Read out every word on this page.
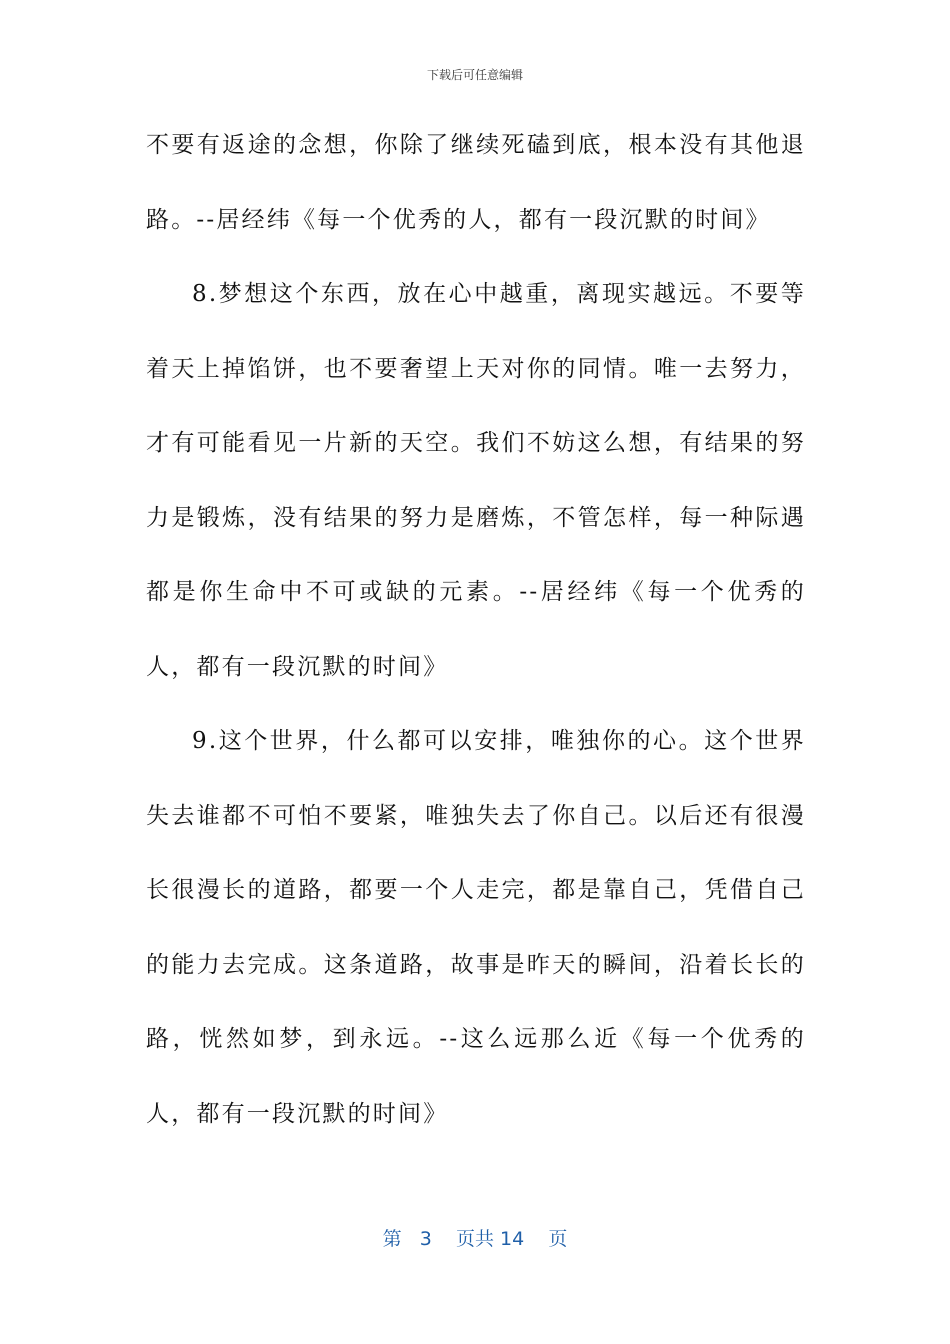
下载后可任意编辑

不要有返途的念想，你除了继续死磕到底，根本没有其他退路。--居经纬《每一个优秀的人，都有一段沉默的时间》

8.梦想这个东西，放在心中越重，离现实越远。不要等着天上掉馅饼，也不要奢望上天对你的同情。唯一去努力，才有可能看见一片新的天空。我们不妨这么想，有结果的努力是锻炼，没有结果的努力是磨炼，不管怎样，每一种际遇都是你生命中不可或缺的元素。--居经纬《每一个优秀的人，都有一段沉默的时间》

9.这个世界，什么都可以安排，唯独你的心。这个世界失去谁都不可怕不要紧，唯独失去了你自己。以后还有很漫长很漫长的道路，都要一个人走完，都是靠自己，凭借自己的能力去完成。这条道路，故事是昨天的瞬间，沿着长长的路，恍然如梦，到永远。--这么远那么近《每一个优秀的人，都有一段沉默的时间》

第 3 页共 14 页
